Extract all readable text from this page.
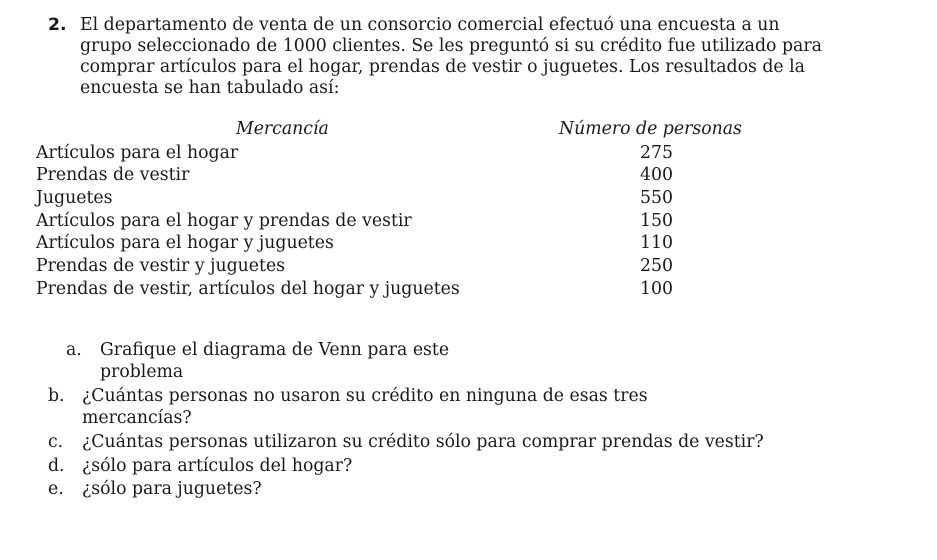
2. El departamento de venta de un consorcio comercial efectuó una encuesta a un
grupo seleccionado de 1000 clientes. Se les preguntó si su crédito fue utilizado para
comprar artículos para el hogar, prendas de vestir o juguetes. Los resultados de la
encuesta se han tabulado así:

Mercancía	Número de personas
Artículos para el hogar	275
Prendas de vestir	400
Juguetes	550
Artículos para el hogar y prendas de vestir	150
Artículos para el hogar y juguetes	110
Prendas de vestir y juguetes	250
Prendas de vestir, artículos del hogar y juguetes	100
a. Grafique el diagrama de Venn para este
problema
b. ¿Cuántas personas no usaron su crédito en ninguna de esas tres
mercancías?
c. ¿Cuántas personas utilizaron su crédito sólo para comprar prendas de vestir?
d. ¿sólo para artículos del hogar?
e. ¿sólo para juguetes?
